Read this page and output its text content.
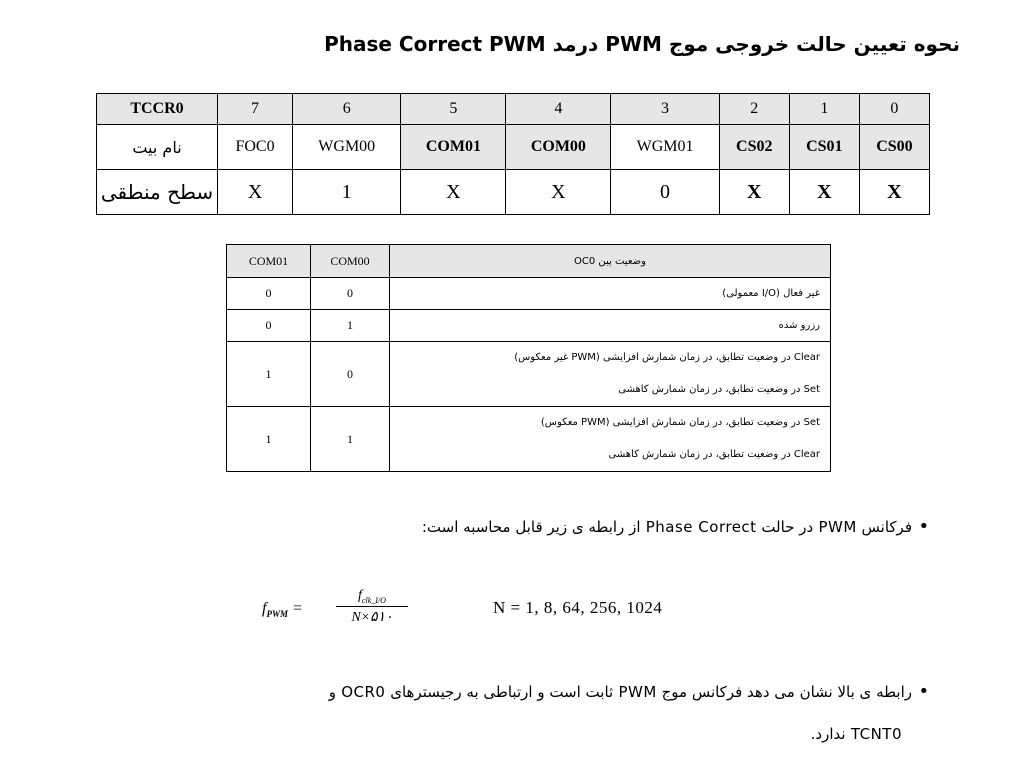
نحوه تعیین حالت خروجی موج PWM درمد Phase Correct PWM
TCCR0	7	6	5	4	3	2	1	0
نام بیت	FOC0	WGM00	COM01	COM00	WGM01	CS02	CS01	CS00
سطح منطقی	X	1	X	X	0	X	X	X
COM01	COM00	وضعیت پین OC0
0	0	غیر فعال (I/O معمولی)
0	1	رزرو شده
1	0	Clear در وضعیت تطابق، در زمان شمارش افزایشی (PWM غیر معکوس)
Set در وضعیت تطابق، در زمان شمارش کاهشی

1	1	Set در وضعیت تطابق، در زمان شمارش افزایشی (PWM معکوس)
Clear در وضعیت تطابق، در زمان شمارش کاهشی
•فرکانس PWM در حالت Phase Correct از رابطه ی زیر قابل محاسبه است:
$f_{PWM}$ =
$f_{clk\_I/O}$
N×۵۱۰
N = 1, 8, 64, 256, 1024
•رابطه ی بالا نشان می دهد فرکانس موج PWM ثابت است و ارتباطی به رجیسترهای OCR0 و
TCNT0 ندارد.
